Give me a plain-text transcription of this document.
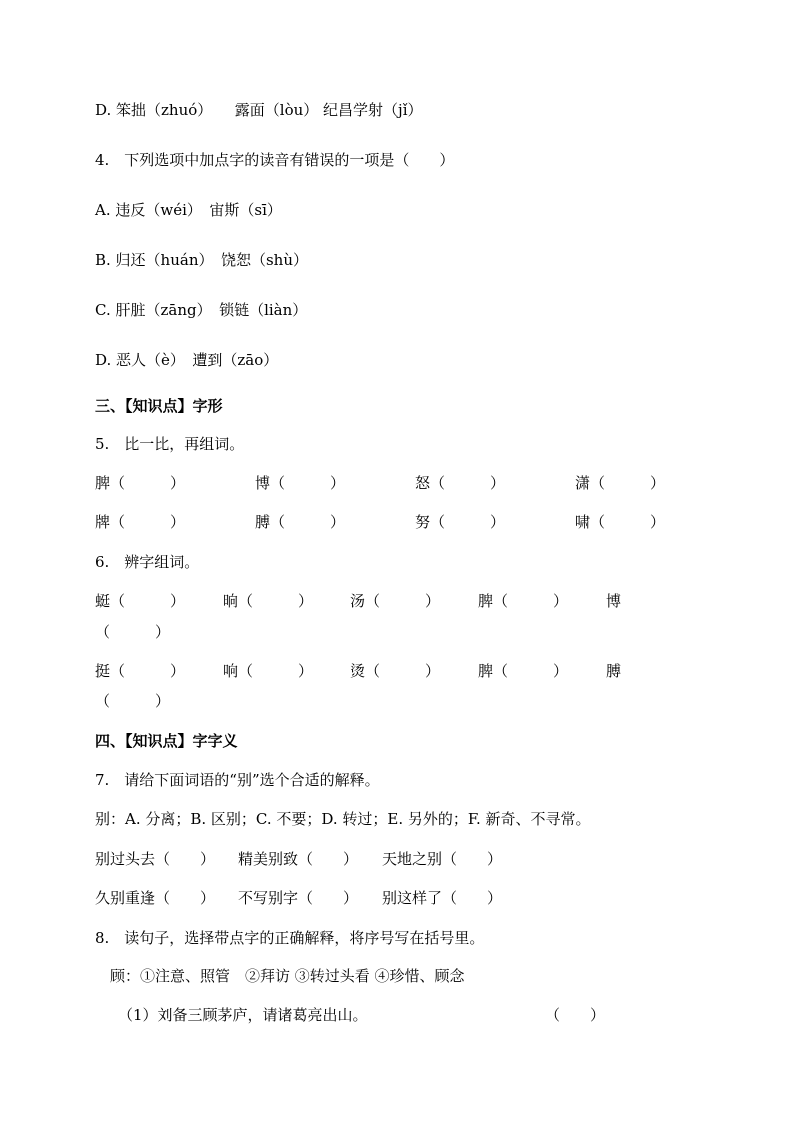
D. 笨拙（zhuó）　　露面（lòu） 纪昌学射（jǐ）
4.　下列选项中加点字的读音有错误的一项是（　　）
A. 违反（wéi）　宙斯（sī）
B. 归还（huán）　饶恕（shù）
C. 肝脏（zāng）　锁链（liàn）
D. 恶人（è）　遭到（zāo）
三、【知识点】字形
5.　比一比，再组词。
脾（　　　）	博（　　　）	怒（　　　）	潇（　　　）
牌（　　　）	膊（　　　）	努（　　　）	啸（　　　）
6.　辨字组词。
蜓（　　　）	晌（　　　） 汤（　　　）	脾（　　　）	博
（　　　）
挺（　　　）	响（　　　） 烫（　　　）	脾（　　　）	膊
（　　　）
四、【知识点】字字义
7.　请给下面词语的“别”选个合适的解释。
别：A. 分离；B. 区别；C. 不要；D. 转过；E. 另外的；F. 新奇、不寻常。
别过头去（　　） 精美别致（　　） 天地之别（　　）
久别重逢（　　） 不写别字（　　） 别这样了（　　）
8.　读句子，选择带点字的正确解释，将序号写在括号里。
顾：①注意、照管　②拜访 ③转过头看 ④珍惜、顾念
（1）刘备三顾茅庐，请诸葛亮出山。	（　　）
